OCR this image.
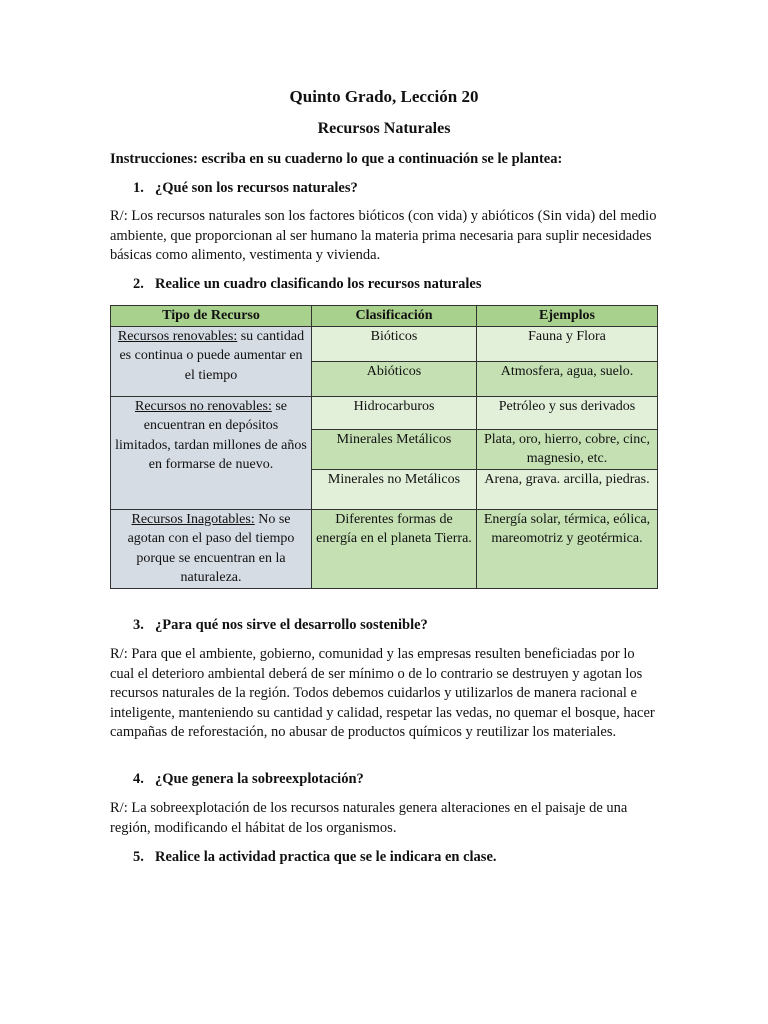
Quinto Grado, Lección 20
Recursos Naturales
Instrucciones: escriba en su cuaderno lo que a continuación se le plantea:
1. ¿Qué son los recursos naturales?
R/: Los recursos naturales son los factores bióticos (con vida) y abióticos (Sin vida) del medio ambiente, que proporcionan al ser humano la materia prima necesaria para suplir necesidades básicas como alimento, vestimenta y vivienda.
2. Realice un cuadro clasificando los recursos naturales
Tipo de Recurso	Clasificación	Ejemplos
Recursos renovables: su cantidad es continua o puede aumentar en el tiempo	Bióticos	Fauna y Flora
	Abióticos	Atmosfera, agua, suelo.
Recursos no renovables: se encuentran en depósitos limitados, tardan millones de años en formarse de nuevo.	Hidrocarburos	Petróleo y sus derivados
	Minerales Metálicos	Plata, oro, hierro, cobre, cinc, magnesio, etc.
	Minerales no Metálicos	Arena, grava. arcilla, piedras.
Recursos Inagotables: No se agotan con el paso del tiempo porque se encuentran en la naturaleza.	Diferentes formas de energía en el planeta Tierra.	Energía solar, térmica, eólica, mareomotriz y geotérmica.
3. ¿Para qué nos sirve el desarrollo sostenible?
R/: Para que el ambiente, gobierno, comunidad y las empresas resulten beneficiadas por lo cual el deterioro ambiental deberá de ser mínimo o de lo contrario se destruyen y agotan los recursos naturales de la región. Todos debemos cuidarlos y utilizarlos de manera racional e inteligente, manteniendo su cantidad y calidad, respetar las vedas, no quemar el bosque, hacer campañas de reforestación, no abusar de productos químicos y reutilizar los materiales.
4. ¿Que genera la sobreexplotación?
R/: La sobreexplotación de los recursos naturales genera alteraciones en el paisaje de una región, modificando el hábitat de los organismos.
5. Realice la actividad practica que se le indicara en clase.
